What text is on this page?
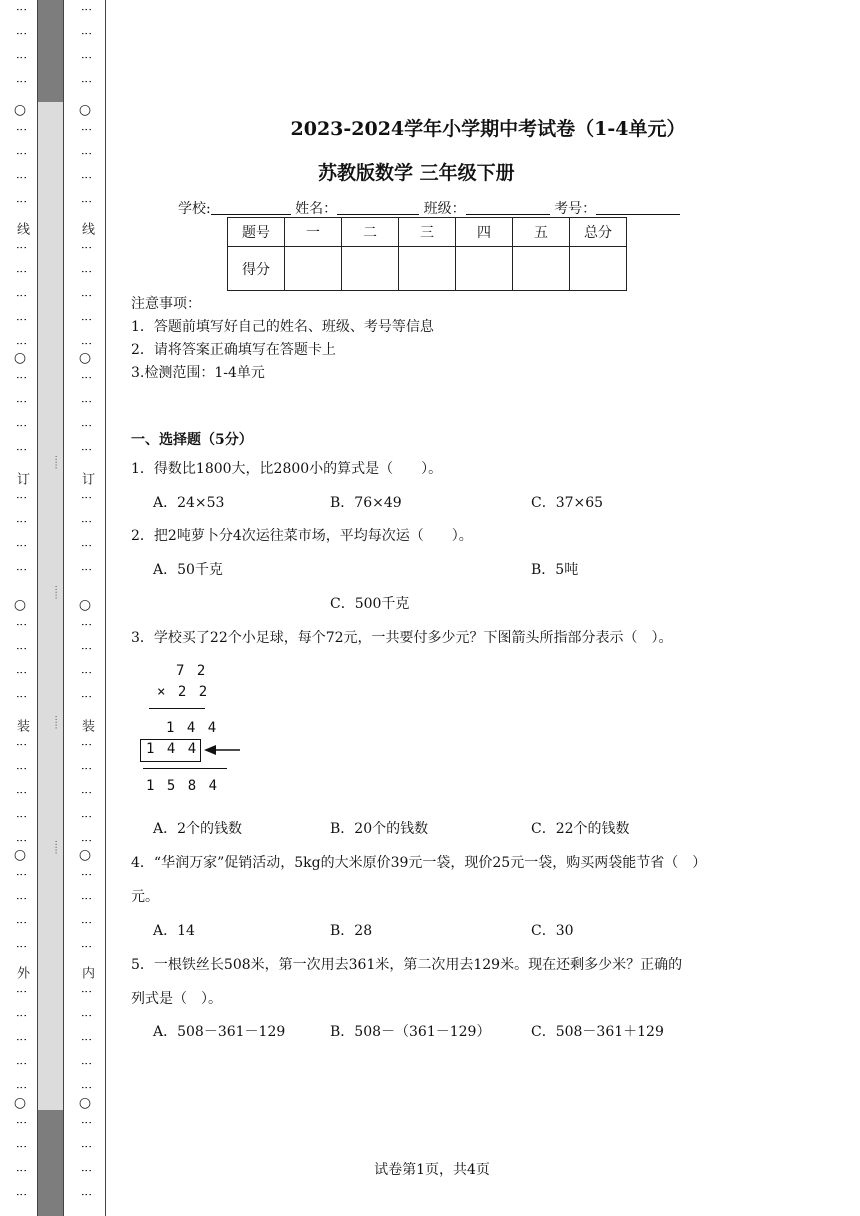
·····
·····
·····
·····
⋮
⋮
⋮
⋮
○
⋮
⋮
⋮
⋮
线
⋮
⋮
⋮
⋮
⋮
○
⋮
⋮
⋮
⋮
订
⋮
⋮
⋮
⋮
○
⋮
⋮
⋮
⋮
装
⋮
⋮
⋮
⋮
⋮
○
⋮
⋮
⋮
⋮
外
⋮
⋮
⋮
⋮
⋮
○
⋮
⋮
⋮
⋮
⋮
⋮
⋮
⋮
○
⋮
⋮
⋮
⋮
线
⋮
⋮
⋮
⋮
⋮
○
⋮
⋮
⋮
⋮
订
⋮
⋮
⋮
⋮
○
⋮
⋮
⋮
⋮
装
⋮
⋮
⋮
⋮
⋮
○
⋮
⋮
⋮
⋮
内
⋮
⋮
⋮
⋮
⋮
○
⋮
⋮
⋮
⋮
2023-2024学年小学期中考试卷（1-4单元）
苏教版数学 三年级下册
学校:	姓名：	班级：	考号：
题号	一	二	三	四	五	总分
得分						
注意事项：
1．答题前填写好自己的姓名、班级、考号等信息
2．请将答案正确填写在答题卡上
3.检测范围：1-4单元
一、选择题（5分）
1．得数比1800大，比2800小的算式是（　　）。
A．24×53	B．76×49	C．37×65
2．把2吨萝卜分4次运往菜市场，平均每次运（　　）。
A．50千克	B．5吨
C．500千克
3．学校买了22个小足球，每个72元，一共要付多少元？下图箭头所指部分表示（　）。
7 2
× 2 2
1 4 4
1 4 4
1 5 8 4
A．2个的钱数	B．20个的钱数	C．22个的钱数
4．“华润万家”促销活动，5kg的大米原价39元一袋，现价25元一袋，购买两袋能节省（　）
元。
A．14	B．28	C．30
5．一根铁丝长508米，第一次用去361米，第二次用去129米。现在还剩多少米？正确的
列式是（　）。
A．508－361－129	B．508－（361－129）	C．508－361＋129
试卷第1页，共4页
